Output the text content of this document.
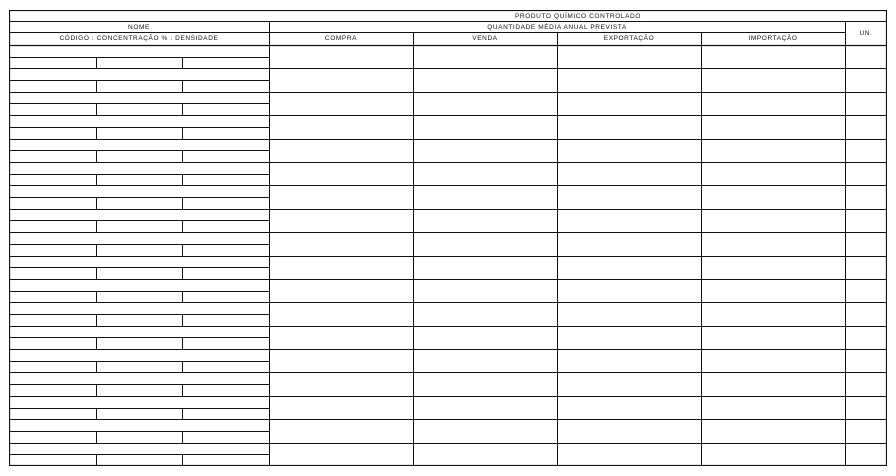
PRODUTO QUÍMICO CONTROLADO
NOME
CÓDIGO : CONCENTRAÇÃO % : DENSIDADE
QUANTIDADE MÉDIA ANUAL PREVISTA
COMPRA	VENDA	EXPORTAÇÃO	IMPORTAÇÃO
UN.
